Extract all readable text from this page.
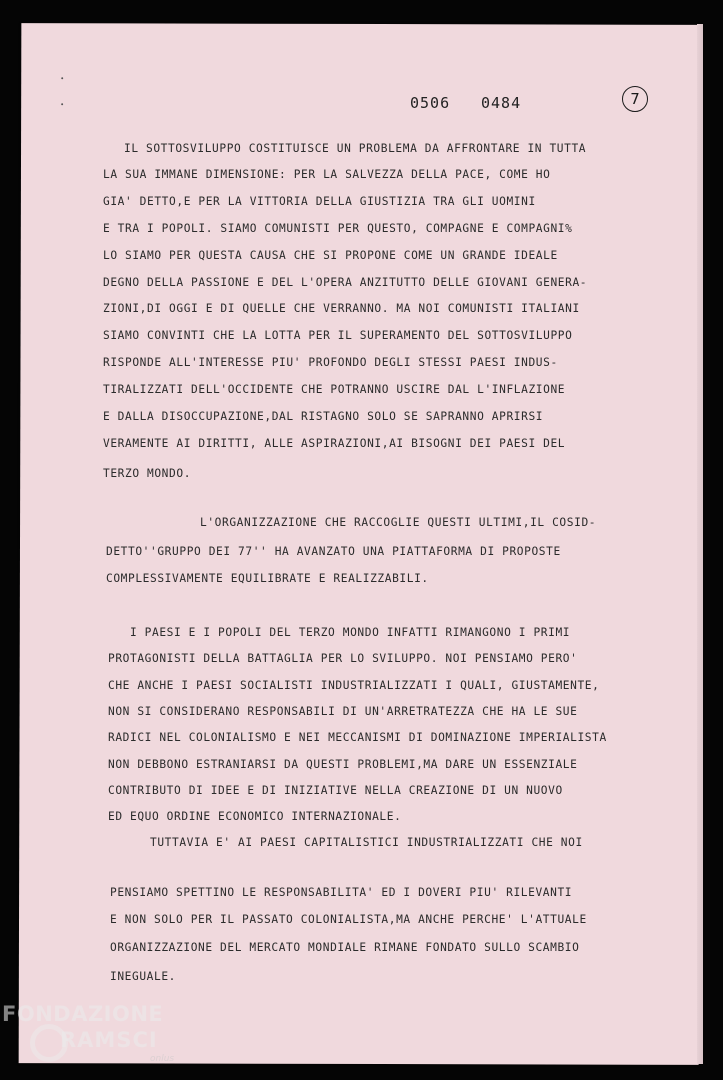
0506 0484	7
IL SOTTOSVILUPPO COSTITUISCE UN PROBLEMA DA AFFRONTARE IN TUTTA
LA SUA IMMANE DIMENSIONE: PER LA SALVEZZA DELLA PACE, COME HO
GIA' DETTO,E PER LA VITTORIA DELLA GIUSTIZIA TRA GLI UOMINI
E TRA I POPOLI. SIAMO COMUNISTI PER QUESTO, COMPAGNE E COMPAGNI%
LO SIAMO PER QUESTA CAUSA CHE SI PROPONE COME UN GRANDE IDEALE
DEGNO DELLA PASSIONE E DEL L'OPERA ANZITUTTO DELLE GIOVANI GENERA-
ZIONI,DI OGGI E DI QUELLE CHE VERRANNO. MA NOI COMUNISTI ITALIANI
SIAMO CONVINTI CHE LA LOTTA PER IL SUPERAMENTO DEL SOTTOSVILUPPO
RISPONDE ALL'INTERESSE PIU' PROFONDO DEGLI STESSI PAESI INDUS-
TIRALIZZATI DELL'OCCIDENTE CHE POTRANNO USCIRE DAL L'INFLAZIONE
E DALLA DISOCCUPAZIONE,DAL RISTAGNO SOLO SE SAPRANNO APRIRSI
VERAMENTE AI DIRITTI, ALLE ASPIRAZIONI,AI BISOGNI DEI PAESI DEL
TERZO MONDO.
L'ORGANIZZAZIONE CHE RACCOGLIE QUESTI ULTIMI,IL COSID-
DETTO''GRUPPO DEI 77'' HA AVANZATO UNA PIATTAFORMA DI PROPOSTE
COMPLESSIVAMENTE EQUILIBRATE E REALIZZABILI.
I PAESI E I POPOLI DEL TERZO MONDO INFATTI RIMANGONO I PRIMI
PROTAGONISTI DELLA BATTAGLIA PER LO SVILUPPO. NOI PENSIAMO PERO'
CHE ANCHE I PAESI SOCIALISTI INDUSTRIALIZZATI I QUALI, GIUSTAMENTE,
NON SI CONSIDERANO RESPONSABILI DI UN'ARRETRATEZZA CHE HA LE SUE
RADICI NEL COLONIALISMO E NEI MECCANISMI DI DOMINAZIONE IMPERIALISTA
NON DEBBONO ESTRANIARSI DA QUESTI PROBLEMI,MA DARE UN ESSENZIALE
CONTRIBUTO DI IDEE E DI INIZIATIVE NELLA CREAZIONE DI UN NUOVO
ED EQUO ORDINE ECONOMICO INTERNAZIONALE.
TUTTAVIA E' AI PAESI CAPITALISTICI INDUSTRIALIZZATI CHE NOI
PENSIAMO SPETTINO LE RESPONSABILITA' ED I DOVERI PIU' RILEVANTI
E NON SOLO PER IL PASSATO COLONIALISTA,MA ANCHE PERCHE' L'ATTUALE
ORGANIZZAZIONE DEL MERCATO MONDIALE RIMANE FONDATO SULLO SCAMBIO
INEGUALE.
FONDAZIONE
RAMSCI
onlus
